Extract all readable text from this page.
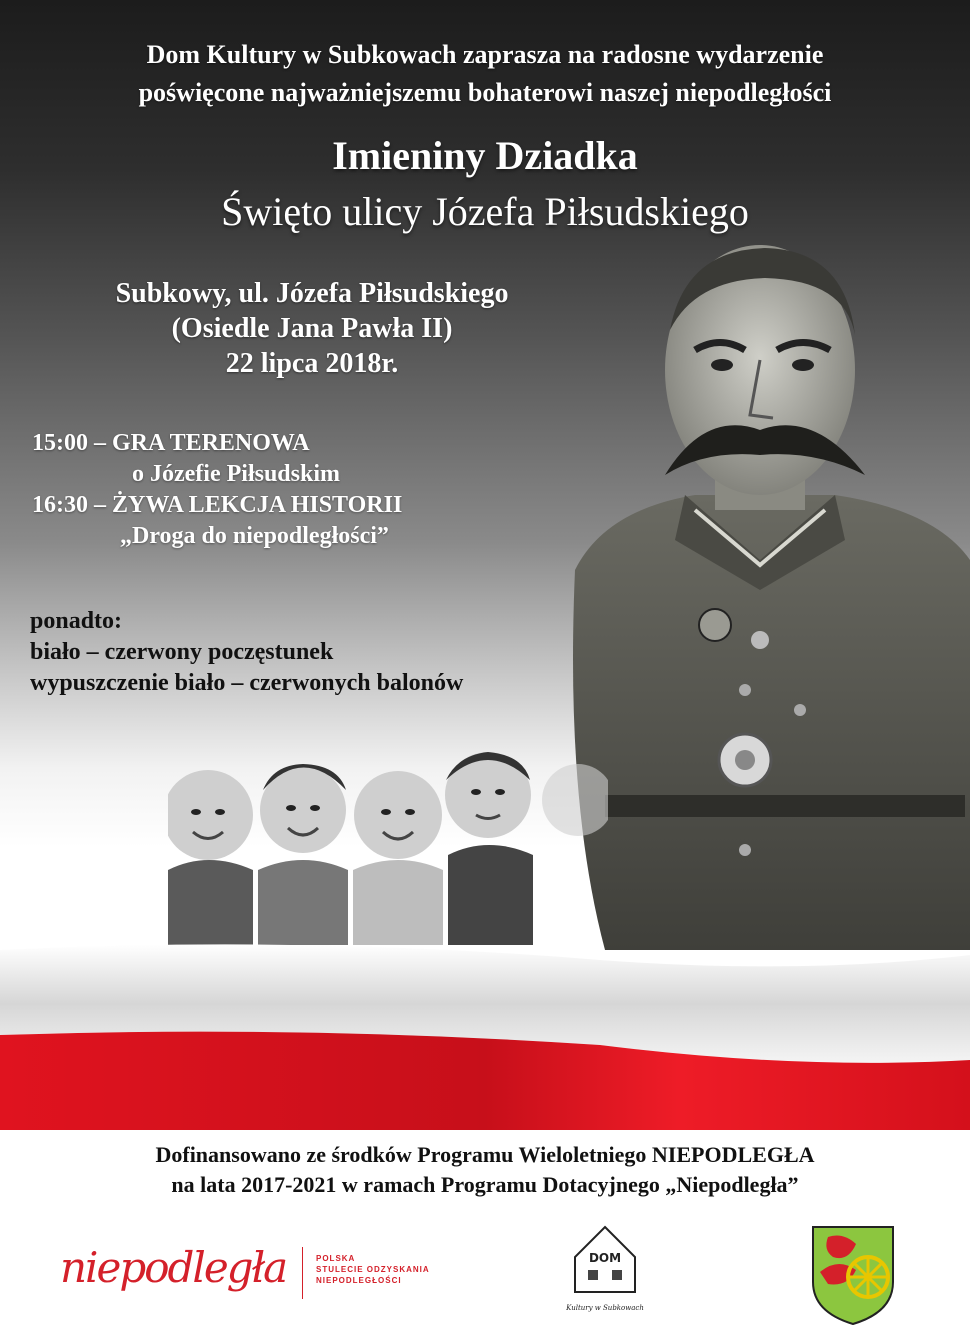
Dom Kultury w Subkowach zaprasza na radosne wydarzenie
poświęcone najważniejszemu bohaterowi naszej niepodległości
Imieniny Dziadka
Święto ulicy Józefa Piłsudskiego
Subkowy, ul. Józefa Piłsudskiego
(Osiedle Jana Pawła II)
22 lipca 2018r.
15:00 – GRA TERENOWA
o Józefie Piłsudskim
16:30 – ŻYWA LEKCJA HISTORII
„Droga do niepodległości”
ponadto:
biało – czerwony poczęstunek
wypuszczenie biało – czerwonych balonów
Dofinansowano ze środków Programu Wieloletniego NIEPODLEGŁA
na lata 2017-2021 w ramach Programu Dotacyjnego „Niepodległa”
niepodległa	POLSKA
STULECIE ODZYSKANIA
NIEPODLEGŁOŚCI
DOM
Kultury w Subkowach
